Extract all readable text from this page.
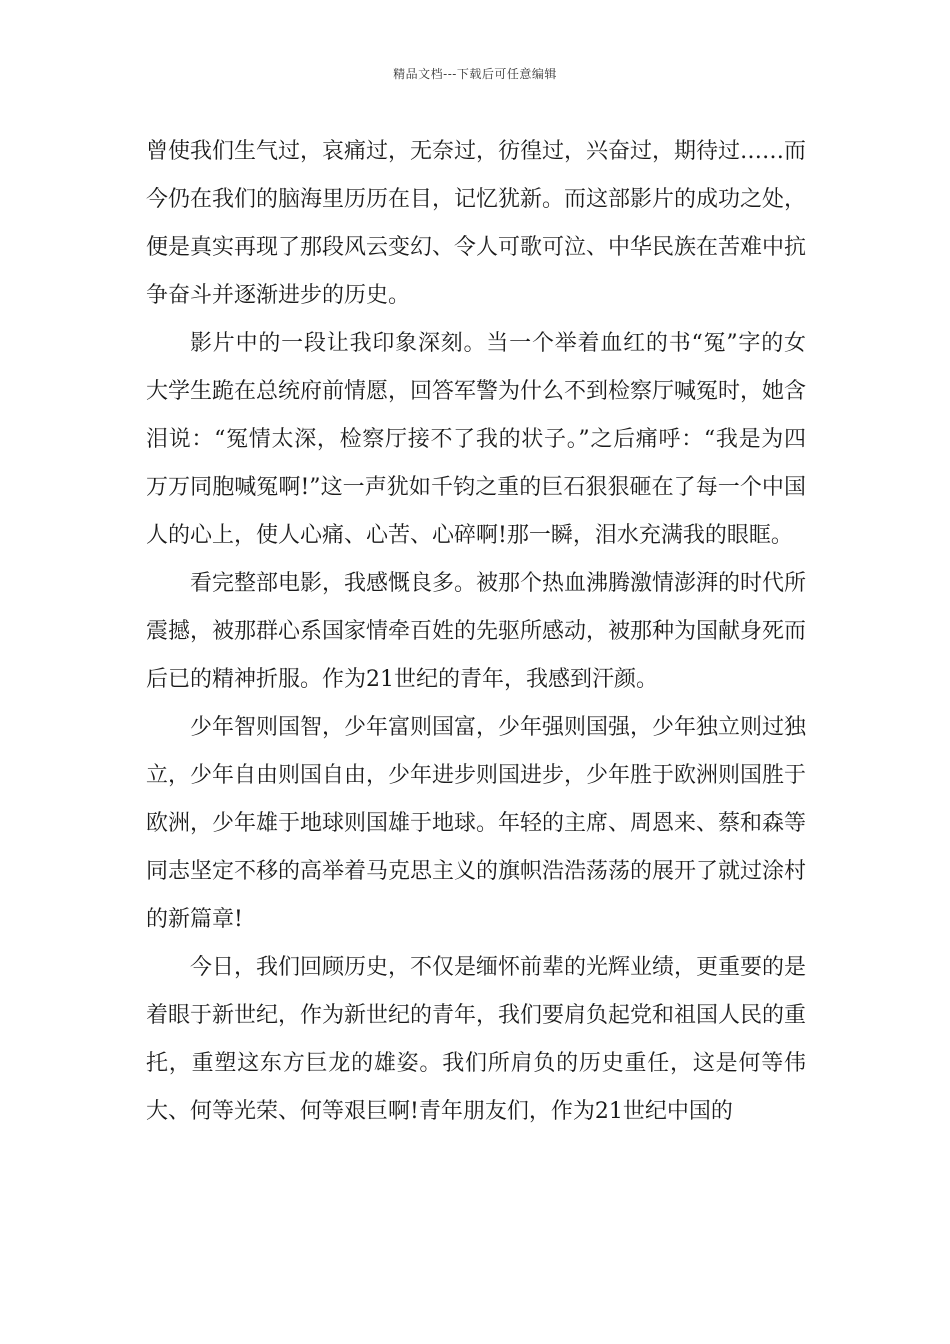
精品文档---下载后可任意编辑

曾使我们生气过，哀痛过，无奈过，彷徨过，兴奋过，期待过……而今仍在我们的脑海里历历在目，记忆犹新。而这部影片的成功之处，便是真实再现了那段风云变幻、令人可歌可泣、中华民族在苦难中抗争奋斗并逐渐进步的历史。

影片中的一段让我印象深刻。当一个举着血红的书“冤”字的女大学生跪在总统府前情愿，回答军警为什么不到检察厅喊冤时，她含泪说：“冤情太深，检察厅接不了我的状子。”之后痛呼：“我是为四万万同胞喊冤啊!”这一声犹如千钧之重的巨石狠狠砸在了每一个中国人的心上，使人心痛、心苦、心碎啊!那一瞬，泪水充满我的眼眶。

看完整部电影，我感慨良多。被那个热血沸腾激情澎湃的时代所震撼，被那群心系国家情牵百姓的先驱所感动，被那种为国献身死而后已的精神折服。作为21世纪的青年，我感到汗颜。

少年智则国智，少年富则国富，少年强则国强，少年独立则过独立，少年自由则国自由，少年进步则国进步，少年胜于欧洲则国胜于欧洲，少年雄于地球则国雄于地球。年轻的主席、周恩来、蔡和森等同志坚定不移的高举着马克思主义的旗帜浩浩荡荡的展开了就过涂村的新篇章!

今日，我们回顾历史，不仅是缅怀前辈的光辉业绩，更重要的是着眼于新世纪，作为新世纪的青年，我们要肩负起党和祖国人民的重托，重塑这东方巨龙的雄姿。我们所肩负的历史重任，这是何等伟大、何等光荣、何等艰巨啊!青年朋友们，作为21世纪中国的
